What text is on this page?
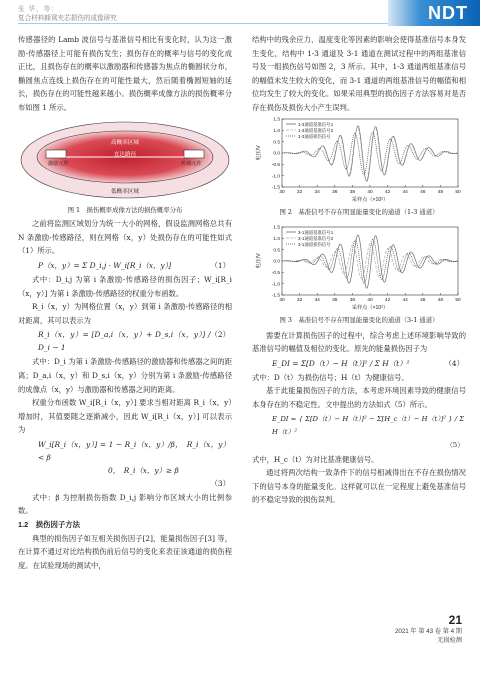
张 华，等：
复合材料蜂窝夹芯损伤的成像研究	NDT

传感器径的 Lamb 波信号与基准信号相比有变化时，认为这一激励-传感器径上可能有损伤发生；损伤存在的概率与信号的变化成正比，且损伤存在的概率以激励器和传感器为焦点的椭圆状分布，椭圆焦点连线上损伤存在的可能性最大，然后随着椭圆短轴的延长，损伤存在的可能性越来越小。损伤概率成像方法的损伤概率分布如图 1 所示。

高概率区域
直达路径
低概率区域
激励元件	传感元件
图 1　损伤概率成像方法的损伤概率分布

之前将监测区域划分为统一大小的网格，假设监测网格总共有 N 条激励-传感路径，则在网格（x，y）处损伤存在的可能性如式（1）所示。

P（x，y）= Σ D_i,j · W_i[R_i（x，y）]	（1）

式中：D_i,j 为第 i 条激励-传感路径的损伤因子；W_i[R_i（x，y）] 为第 i 条激励-传感路径的权重分布函数。

R_i（x，y）为网格位置（x，y）到第 i 条激励-传感路径的相对距离，其可以表示为

R_i（x，y）= [D_a,i（x，y）+ D_s,i（x，y）] / D_i − 1
（2）

式中：D_i 为第 i 条激励-传感路径的激励器和传感器之间的距离；D_a,i（x，y）和 D_s,i（x，y）分别为第 i 条激励-传感路径的成像点（x，y）与激励器和传感器之间的距离。

权重分布函数 W_i[R_i（x，y）] 要求当相对距离 R_i（x，y）增加时，其值要随之逐渐减小，因此 W_i[R_i（x，y）] 可以表示为

W_i[R_i（x，y）] = 1 − R_i（x，y）/β，　R_i（x，y）< β
0，　R_i（x，y）≥ β
（3）

式中：β 为控制损伤指数 D_i,j 影响分布区域大小的比例参数。

1.2　损伤因子方法

典型的损伤因子如互相关损伤因子[2]，能量损伤因子[3] 等，在计算不通过对比结构损伤前后信号的变化来表征该通道的损伤程度。在试验现场的测试中，

结构中的残余应力、温度变化等因素的影响会使得基准信号本身发生变化，结构中 1-3 通道及 3-1 通道在测试过程中的两组基准信号及一组损伤信号如图 2，3 所示。其中，1-3 通道两组基准信号的幅值未发生较大的变化，而 3-1 通道的两组基准信号的幅值和相位均发生了较大的变化。如果采用典型的损伤因子方法容易对是否存在损伤及损伤大小产生误判。

30	32	34	36	38	40	42	44	46	48	50
1.5
1.0
0.5
0.0
-0.5
-1.0
-1.5
采样点（×10²）
电压/V
1-3通道基准信号1
1-3通道基准信号2
1-3通道损伤信号
图 2　基准信号不存在明显能量变化的通道（1-3 通道）
30	32	34	36	38	40	42	44	46	48	50
1.5
1.0
0.5
0.0
-0.5
-1.0
-1.5
采样点（×10²）
电压/V
3-1通道基准信号1
3-1通道基准信号2
3-1通道损伤信号
图 3　基准信号不存在明显能量变化的通道（3-1 通道）

需要在计算损伤因子的过程中，综合考虑上述环境影响导致的基准信号的幅值及相位的变化。原先的能量损伤因子为

E_DI = Σ[D（t）− H（t）]² / Σ H（t）²	（4）

式中：D（t）为损伤信号；H（t）为健康信号。

基于此能量损伤因子的方法，本考虑环境因素导致的健康信号本身存在的不稳定性。文中提出的方法如式（5）所示。

E_DI = { Σ[D（t）− H（t）]² − Σ[H_c（t）− H（t）]² } / Σ H（t）²
（5）

式中，H_c（t）为对比基准健康信号。

通过将两次结构一致条件下的信号相减得出在不存在损伤情况下的信号本身的能量变化。这样就可以在一定程度上避免基准信号的不稳定导致的损伤误判。

21
2021 年 第 43 卷 第 4 期
无损检测
